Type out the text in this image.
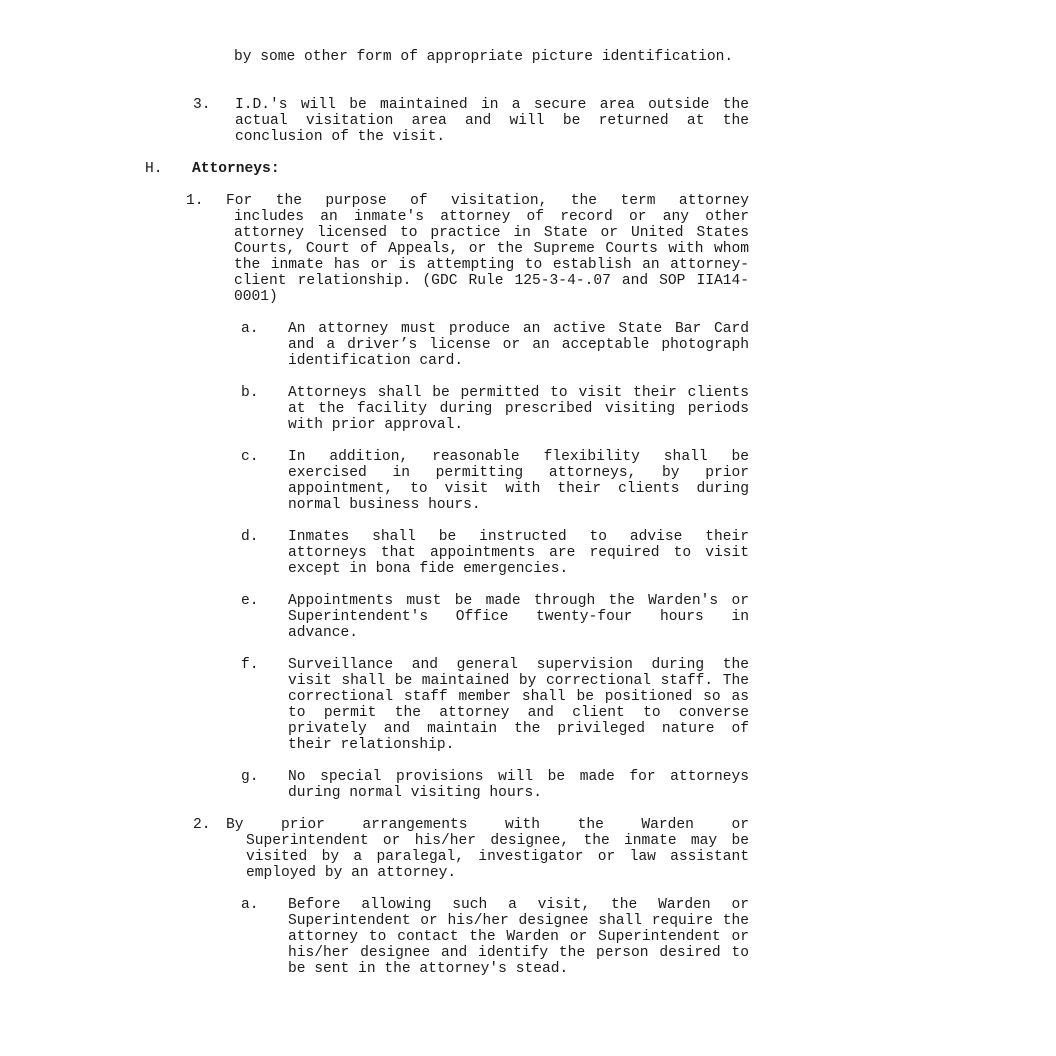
by some other form of appropriate picture identification.
3. I.D.'s will be maintained in a secure area outside the actual visitation area and will be returned at the conclusion of the visit.
H. Attorneys:
1. For the purpose of visitation, the term attorney
includes an inmate's attorney of record or any other attorney licensed to practice in State or United States Courts, Court of Appeals, or the Supreme Courts with whom the inmate has or is attempting to establish an attorney-client relationship. (GDC Rule 125-3-4-.07 and SOP IIA14-0001)
a. An attorney must produce an active State Bar Card and a driver’s license or an acceptable photograph identification card.
b. Attorneys shall be permitted to visit their clients at the facility during prescribed visiting periods with prior approval.
c. In addition, reasonable flexibility shall be exercised in permitting attorneys, by prior appointment, to visit with their clients during normal business hours.
d. Inmates shall be instructed to advise their attorneys that appointments are required to visit except in bona fide emergencies.
e. Appointments must be made through the Warden's or Superintendent's Office twenty-four hours in advance.
f. Surveillance and general supervision during the visit shall be maintained by correctional staff. The correctional staff member shall be positioned so as to permit the attorney and client to converse privately and maintain the privileged nature of their relationship.
g. No special provisions will be made for attorneys during normal visiting hours.
2. By prior arrangements with the Warden or
Superintendent or his/her designee, the inmate may be visited by a paralegal, investigator or law assistant employed by an attorney.
a. Before allowing such a visit, the Warden or Superintendent or his/her designee shall require the attorney to contact the Warden or Superintendent or his/her designee and identify the person desired to be sent in the attorney's stead.
